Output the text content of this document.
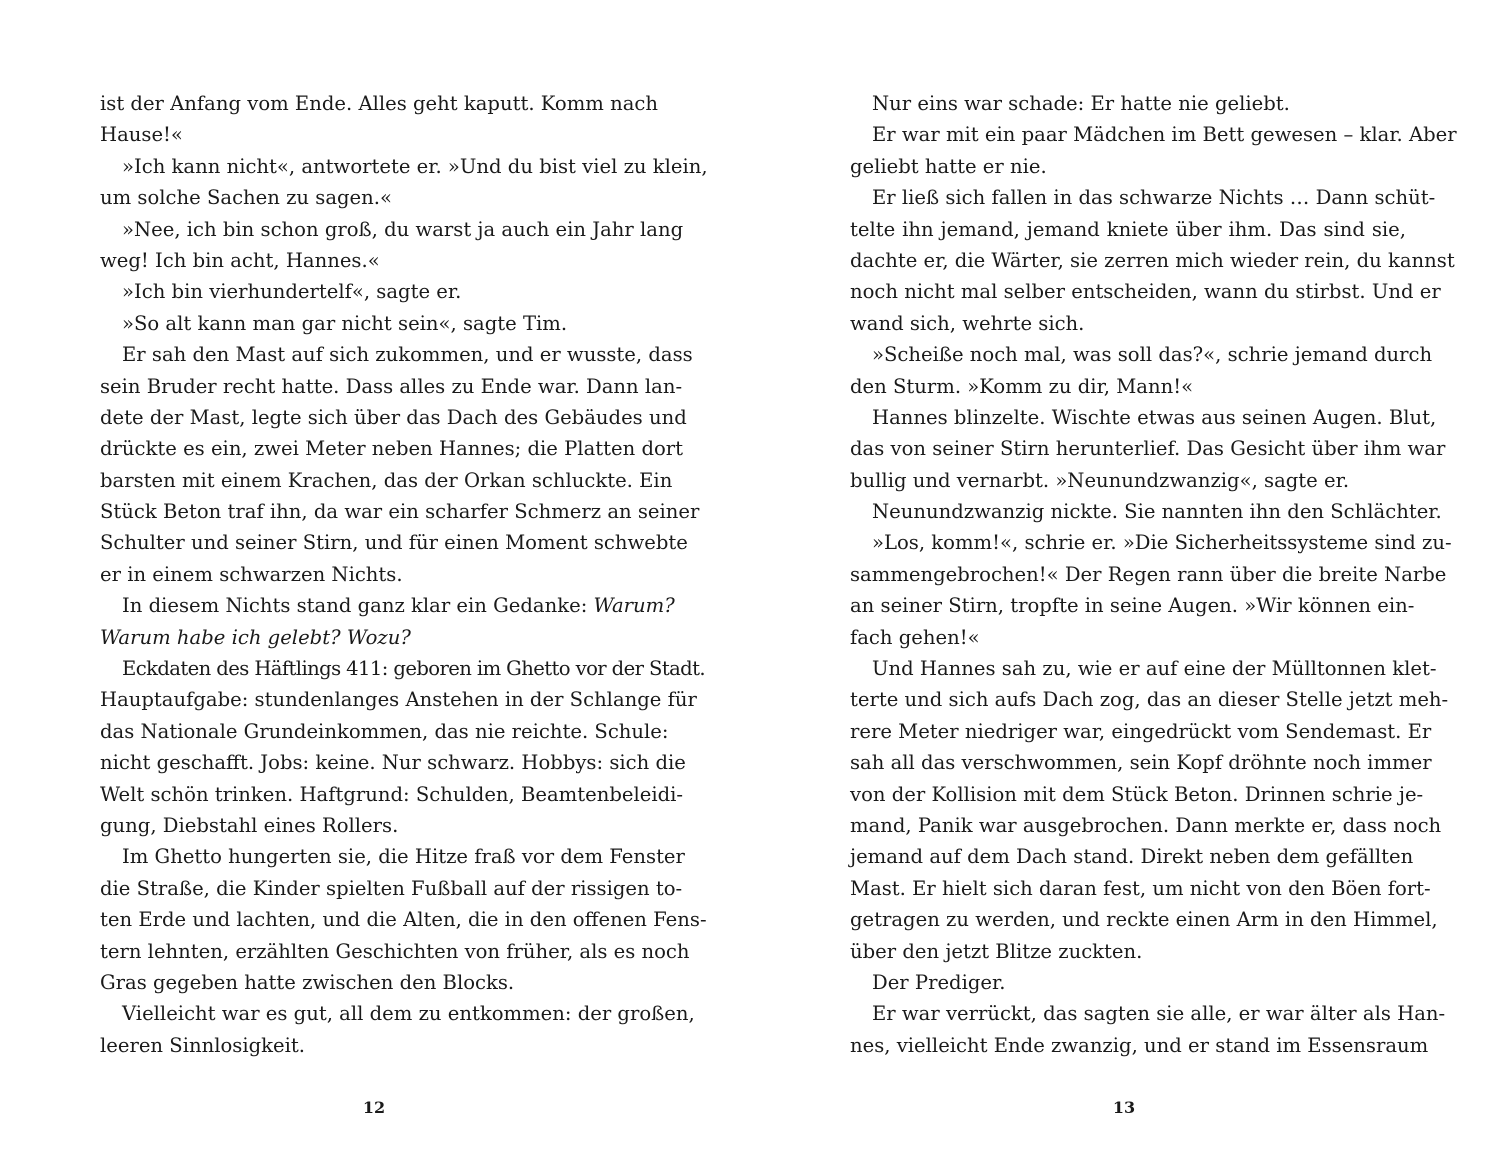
ist der Anfang vom Ende. Alles geht kaputt. Komm nach
Hause!«
»Ich kann nicht«, antwortete er. »Und du bist viel zu klein,
um solche Sachen zu sagen.«
»Nee, ich bin schon groß, du warst ja auch ein Jahr lang
weg! Ich bin acht, Hannes.«
»Ich bin vierhundertelf«, sagte er.
»So alt kann man gar nicht sein«, sagte Tim.
Er sah den Mast auf sich zukommen, und er wusste, dass
sein Bruder recht hatte. Dass alles zu Ende war. Dann lan-
dete der Mast, legte sich über das Dach des Gebäudes und
drückte es ein, zwei Meter neben Hannes; die Platten dort
barsten mit einem Krachen, das der Orkan schluckte. Ein
Stück Beton traf ihn, da war ein scharfer Schmerz an seiner
Schulter und seiner Stirn, und für einen Moment schwebte
er in einem schwarzen Nichts.
In diesem Nichts stand ganz klar ein Gedanke: Warum?
Warum habe ich gelebt? Wozu?
Eckdaten des Häftlings 411: geboren im Ghetto vor der Stadt.
Hauptaufgabe: stundenlanges Anstehen in der Schlange für
das Nationale Grundeinkommen, das nie reichte. Schule:
nicht geschafft. Jobs: keine. Nur schwarz. Hobbys: sich die
Welt schön trinken. Haftgrund: Schulden, Beamtenbeleidi-
gung, Diebstahl eines Rollers.
Im Ghetto hungerten sie, die Hitze fraß vor dem Fenster
die Straße, die Kinder spielten Fußball auf der rissigen to-
ten Erde und lachten, und die Alten, die in den offenen Fens-
tern lehnten, erzählten Geschichten von früher, als es noch
Gras gegeben hatte zwischen den Blocks.
Vielleicht war es gut, all dem zu entkommen: der großen,
leeren Sinnlosigkeit.
12
Nur eins war schade: Er hatte nie geliebt.
Er war mit ein paar Mädchen im Bett gewesen – klar. Aber
geliebt hatte er nie.
Er ließ sich fallen in das schwarze Nichts … Dann schüt-
telte ihn jemand, jemand kniete über ihm. Das sind sie,
dachte er, die Wärter, sie zerren mich wieder rein, du kannst
noch nicht mal selber entscheiden, wann du stirbst. Und er
wand sich, wehrte sich.
»Scheiße noch mal, was soll das?«, schrie jemand durch
den Sturm. »Komm zu dir, Mann!«
Hannes blinzelte. Wischte etwas aus seinen Augen. Blut,
das von seiner Stirn herunterlief. Das Gesicht über ihm war
bullig und vernarbt. »Neunundzwanzig«, sagte er.
Neunundzwanzig nickte. Sie nannten ihn den Schlächter.
»Los, komm!«, schrie er. »Die Sicherheitssysteme sind zu-
sammengebrochen!« Der Regen rann über die breite Narbe
an seiner Stirn, tropfte in seine Augen. »Wir können ein-
fach gehen!«
Und Hannes sah zu, wie er auf eine der Mülltonnen klet-
terte und sich aufs Dach zog, das an dieser Stelle jetzt meh-
rere Meter niedriger war, eingedrückt vom Sendemast. Er
sah all das verschwommen, sein Kopf dröhnte noch immer
von der Kollision mit dem Stück Beton. Drinnen schrie je-
mand, Panik war ausgebrochen. Dann merkte er, dass noch
jemand auf dem Dach stand. Direkt neben dem gefällten
Mast. Er hielt sich daran fest, um nicht von den Böen fort-
getragen zu werden, und reckte einen Arm in den Himmel,
über den jetzt Blitze zuckten.
Der Prediger.
Er war verrückt, das sagten sie alle, er war älter als Han-
nes, vielleicht Ende zwanzig, und er stand im Essensraum
13
